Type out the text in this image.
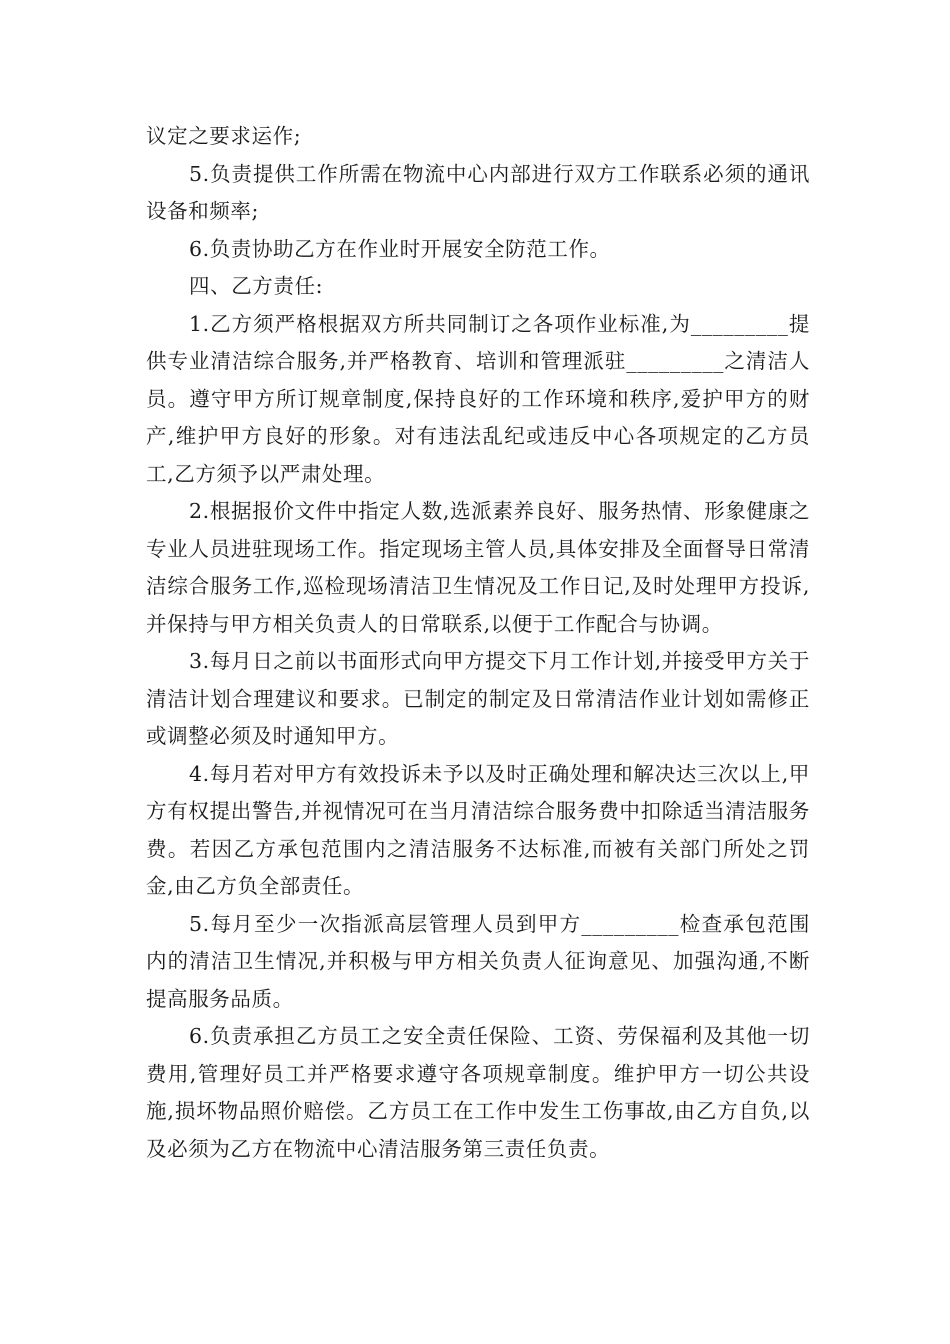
议定之要求运作;

5.负责提供工作所需在物流中心内部进行双方工作联系必须的通讯设备和频率;

6.负责协助乙方在作业时开展安全防范工作。

四、乙方责任:

1.乙方须严格根据双方所共同制订之各项作业标准,为_________提供专业清洁综合服务,并严格教育、培训和管理派驻_________之清洁人员。遵守甲方所订规章制度,保持良好的工作环境和秩序,爱护甲方的财产,维护甲方良好的形象。对有违法乱纪或违反中心各项规定的乙方员工,乙方须予以严肃处理。

2.根据报价文件中指定人数,选派素养良好、服务热情、形象健康之专业人员进驻现场工作。指定现场主管人员,具体安排及全面督导日常清洁综合服务工作,巡检现场清洁卫生情况及工作日记,及时处理甲方投诉,并保持与甲方相关负责人的日常联系,以便于工作配合与协调。

3.每月日之前以书面形式向甲方提交下月工作计划,并接受甲方关于清洁计划合理建议和要求。已制定的制定及日常清洁作业计划如需修正或调整必须及时通知甲方。

4.每月若对甲方有效投诉未予以及时正确处理和解决达三次以上,甲方有权提出警告,并视情况可在当月清洁综合服务费中扣除适当清洁服务费。若因乙方承包范围内之清洁服务不达标准,而被有关部门所处之罚金,由乙方负全部责任。

5.每月至少一次指派高层管理人员到甲方_________检查承包范围内的清洁卫生情况,并积极与甲方相关负责人征询意见、加强沟通,不断提高服务品质。

6.负责承担乙方员工之安全责任保险、工资、劳保福利及其他一切费用,管理好员工并严格要求遵守各项规章制度。维护甲方一切公共设施,损坏物品照价赔偿。乙方员工在工作中发生工伤事故,由乙方自负,以及必须为乙方在物流中心清洁服务第三责任负责。
